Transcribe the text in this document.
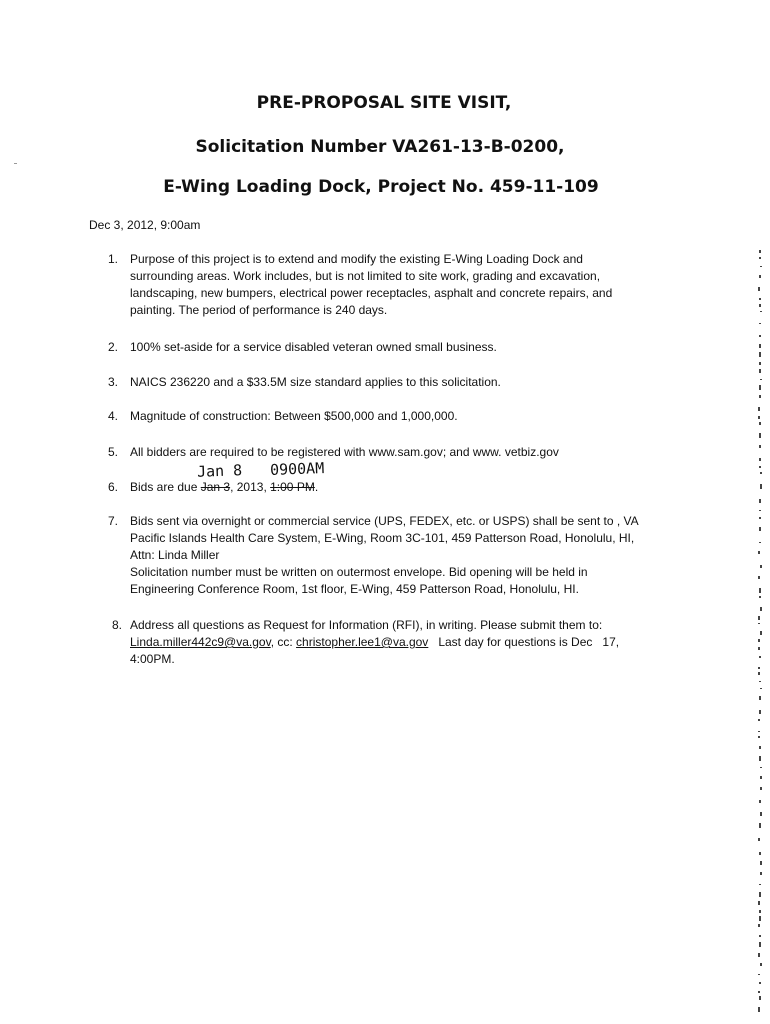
PRE-PROPOSAL SITE VISIT,
Solicitation Number VA261-13-B-0200,
E-Wing Loading Dock, Project No. 459-11-109
Dec 3, 2012, 9:00am
1. Purpose of this project is to extend and modify the existing E-Wing Loading Dock and
surrounding areas. Work includes, but is not limited to site work, grading and excavation,
landscaping, new bumpers, electrical power receptacles, asphalt and concrete repairs, and
painting. The period of performance is 240 days.
2. 100% set-aside for a service disabled veteran owned small business.
3. NAICS 236220 and a $33.5M size standard applies to this solicitation.
4. Magnitude of construction: Between $500,000 and 1,000,000.
5. All bidders are required to be registered with www.sam.gov; and www. vetbiz.gov
Jan 8 0900AM
6. Bids are due Jan 3, 2013, 1:00 PM.
7. Bids sent via overnight or commercial service (UPS, FEDEX, etc. or USPS) shall be sent to , VA
Pacific Islands Health Care System, E-Wing, Room 3C-101, 459 Patterson Road, Honolulu, HI,
Attn: Linda Miller
Solicitation number must be written on outermost envelope. Bid opening will be held in
Engineering Conference Room, 1st floor, E-Wing, 459 Patterson Road, Honolulu, HI.
8. Address all questions as Request for Information (RFI), in writing. Please submit them to:
Linda.miller442c9@va.gov, cc: christopher.lee1@va.gov   Last day for questions is Dec   17,
4:00PM.
